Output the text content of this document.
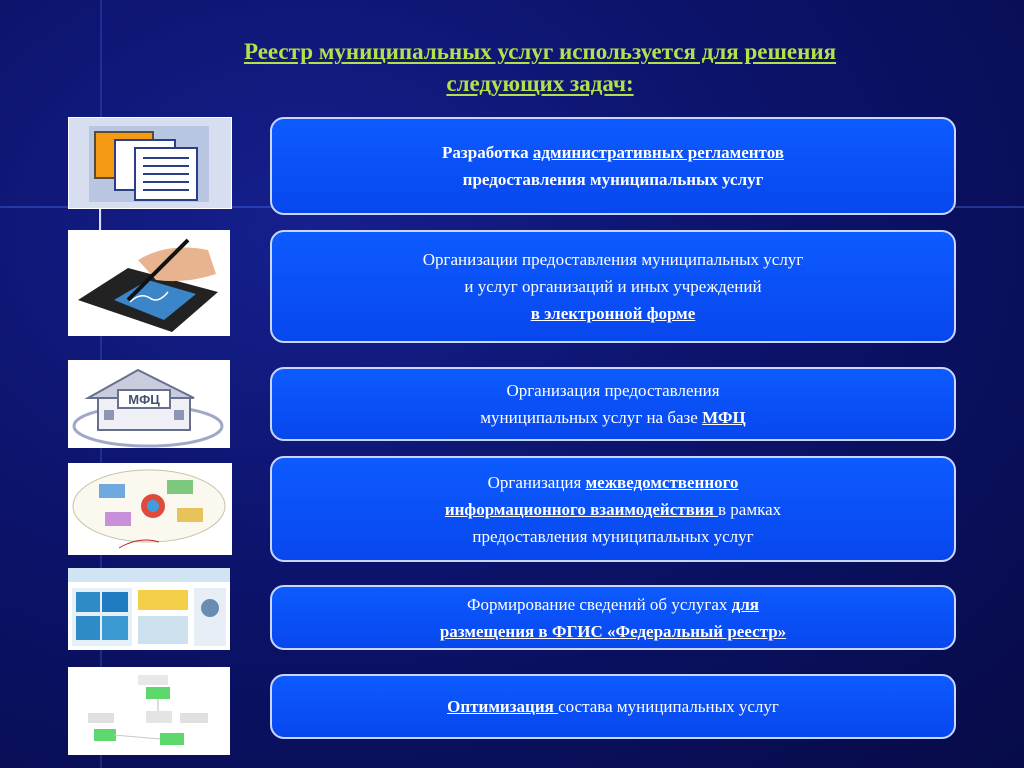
Реестр муниципальных услуг используется для решения
следующих задач:
МФЦ
Разработка административных регламентов
предоставления муниципальных услуг
Организации предоставления муниципальных услуг
и услуг организаций и иных учреждений
в электронной форме
Организация предоставления
муниципальных услуг на базе МФЦ
Организация межведомственного
информационного взаимодействия в рамках
предоставления муниципальных услуг
Формирование сведений об услугах для
размещения в ФГИС «Федеральный реестр»
Оптимизация состава муниципальных услуг
